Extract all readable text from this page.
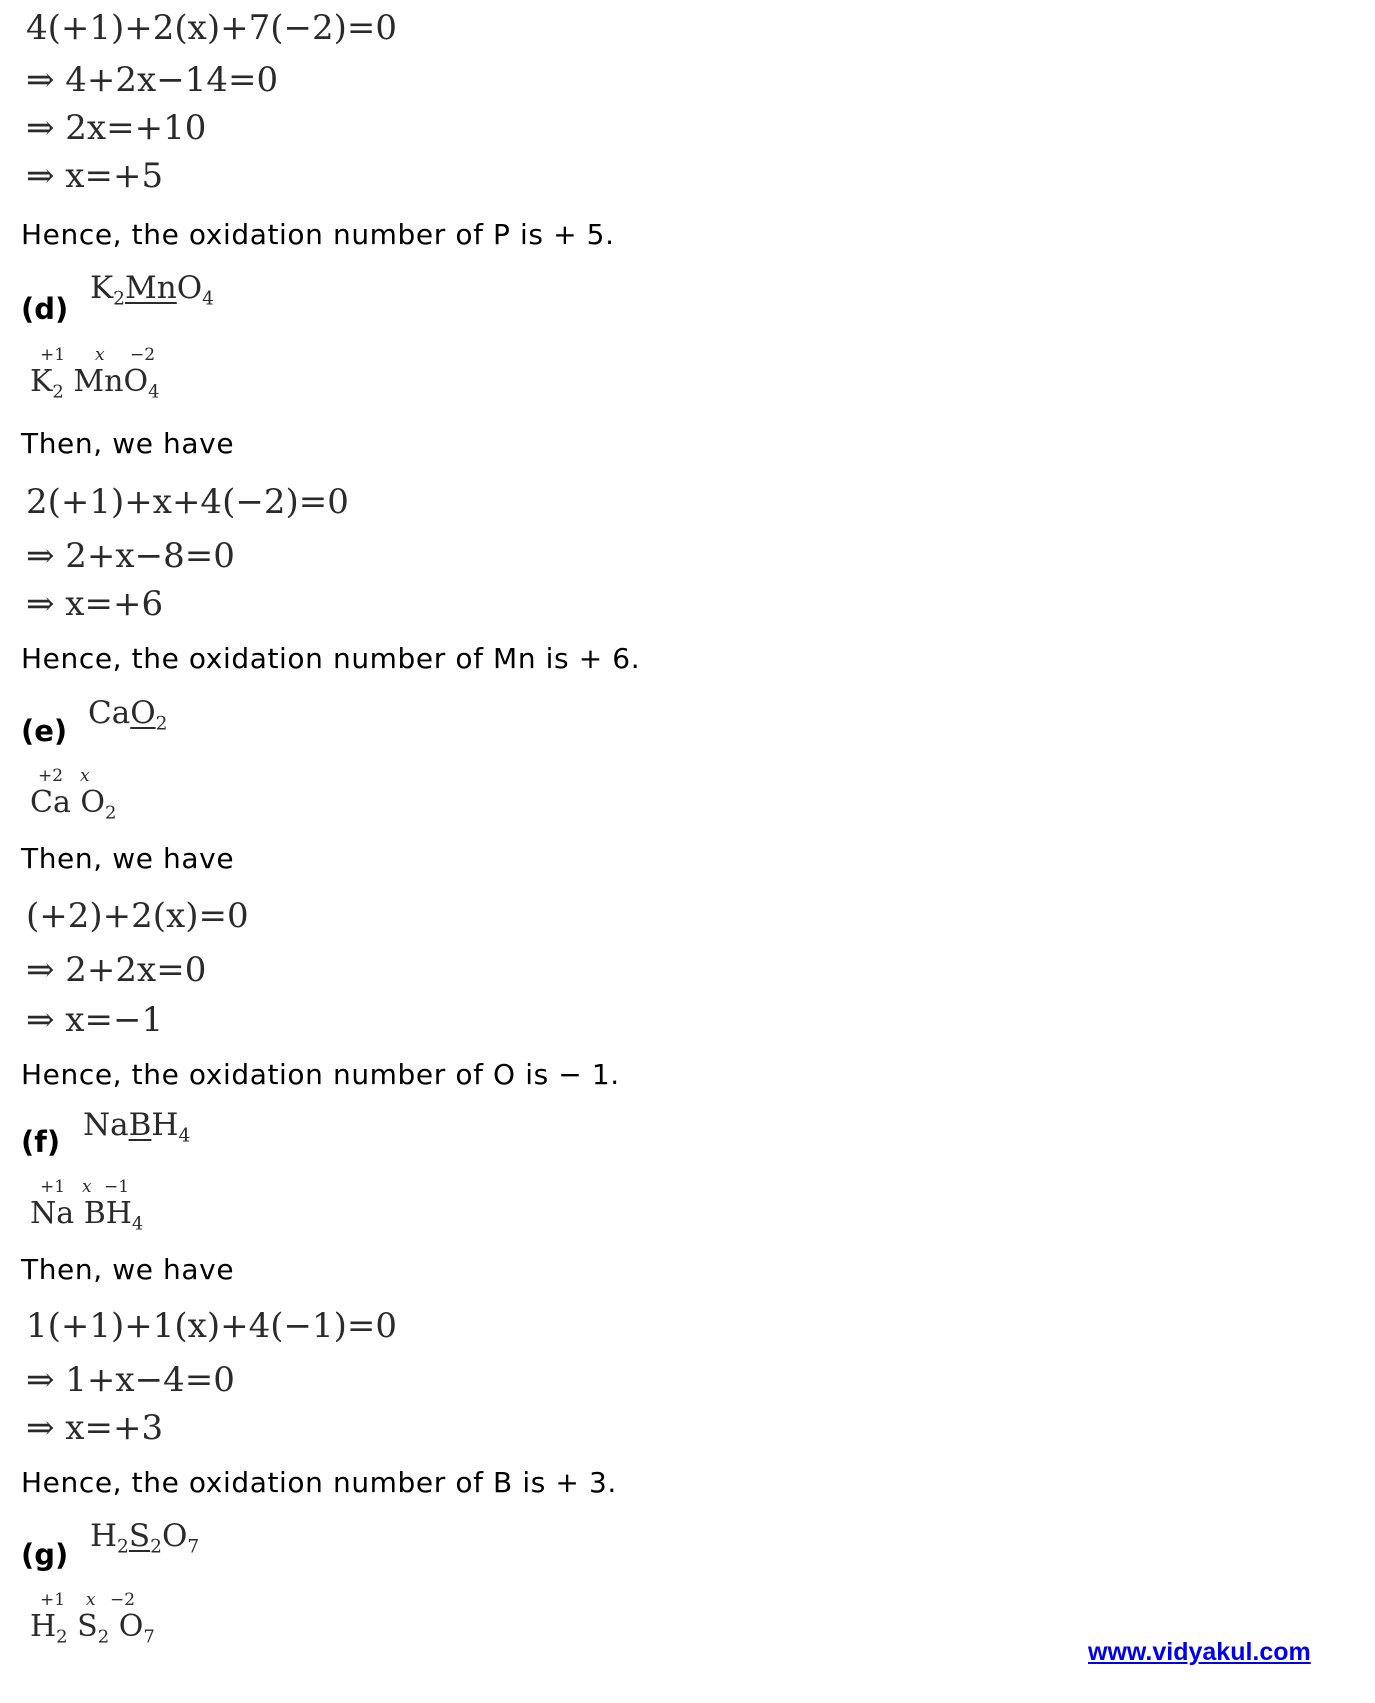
4(+1)+2(x)+7(−2)=0
⇒ 4+2x−14=0
⇒ 2x=+10
⇒ x=+5
Hence, the oxidation number of P is + 5.
(d)
$K_2MnO_4$
+1 x −2
$K_2$ MnO$_4$
Then, we have
2(+1)+x+4(−2)=0
⇒ 2+x−8=0
⇒ x=+6
Hence, the oxidation number of Mn is + 6.
(e) CaO$_2$
+2 x
Ca $O_2$
Then, we have
(+2)+2(x)=0
⇒ 2+2x=0
⇒ x=−1
Hence, the oxidation number of O is − 1.
(f) NaBH$_4$
+1 x −1
Na $BH_4$
Then, we have
1(+1)+1(x)+4(−1)=0
⇒ 1+x−4=0
⇒ x=+3
Hence, the oxidation number of B is + 3.
(g)
$H_2S_2O_7$
+1 x −2
$H_2$ $S_2$ $O_7$
www.vidyakul.com
